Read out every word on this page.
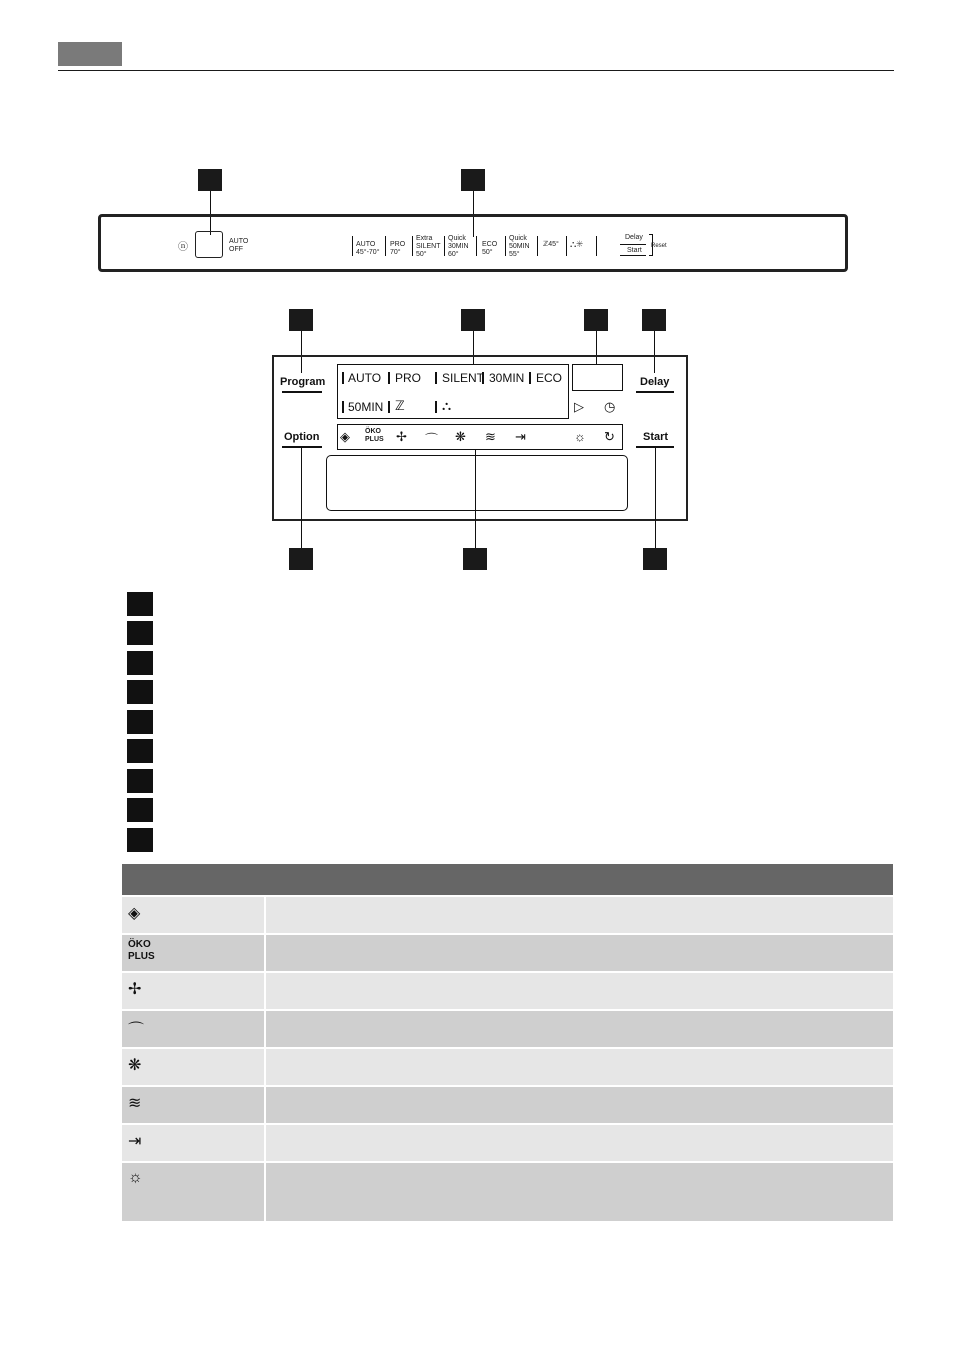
ⓝ
AUTO
OFF
AUTO
45°-70°
PRO
70°
Extra
SILENT
50°
Quick
30MIN
60°
ECO
50°
Quick
50MIN
55°
ℤ45° ⛬✳
Delay
Start
Reset
Program
Option
Delay
Start
AUTO PRO SILENT 30MIN ECO
50MIN ℤ	⛬	▷ ◷
◈ ÖKO
PLUS ✢ ⌒ ❋ ≋ ⇥	☼ ↻
◈
ÖKO
PLUS
✢
⌒
❋
≋
⇥
☼
